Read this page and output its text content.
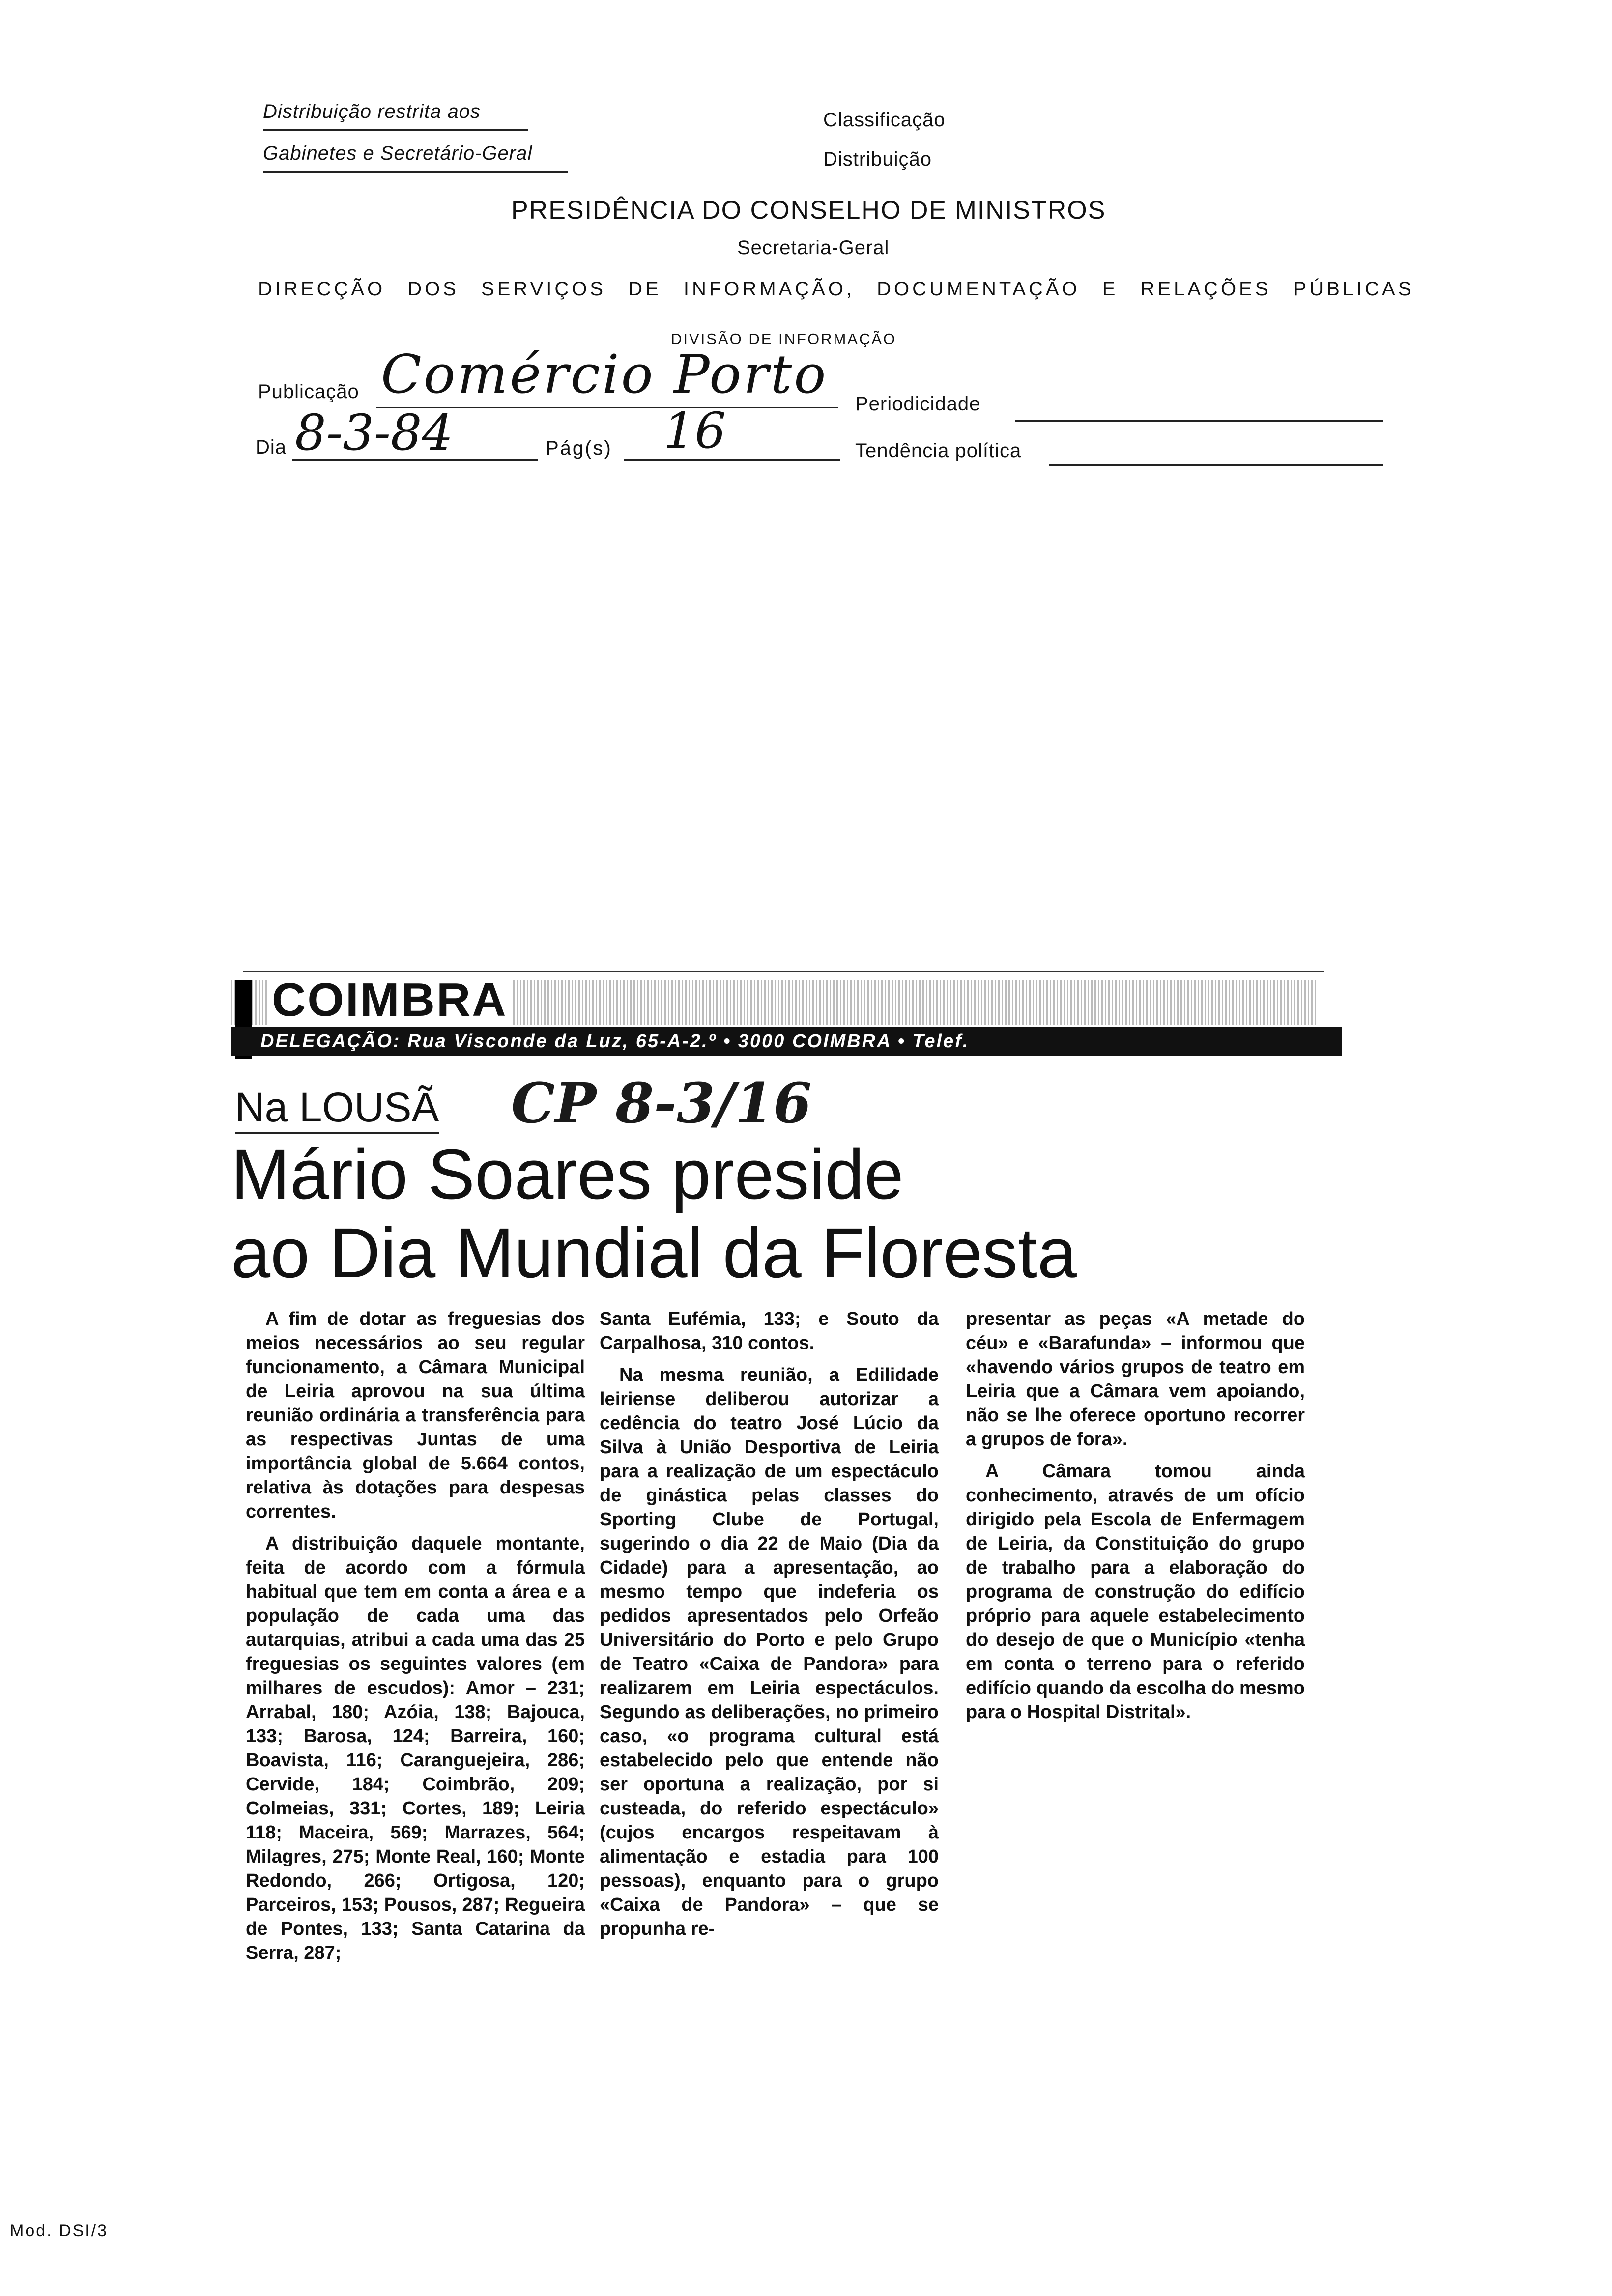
Distribuição restrita aos
Gabinetes e Secretário-Geral
Classificação
Distribuição
PRESIDÊNCIA DO CONSELHO DE MINISTROS
Secretaria-Geral
DIRECÇÃO DOS SERVIÇOS DE INFORMAÇÃO, DOCUMENTAÇÃO E RELAÇÕES PÚBLICAS
DIVISÃO DE INFORMAÇÃO
Publicação Comércio Porto Periodicidade
Dia 8-3-84	Pág(s) 16	Tendência política
COIMBRA
DELEGAÇÃO: Rua Visconde da Luz, 65-A-2.º • 3000 COIMBRA • Telef.
Na LOUSÃ CP 8-3/16
Mário Soares preside
ao Dia Mundial da Floresta

A fim de dotar as freguesias dos meios necessários ao seu regular funcionamento, a Câmara Municipal de Leiria aprovou na sua última reunião ordinária a transferência para as respectivas Juntas de uma importância global de 5.664 contos, relativa às dotações para despesas correntes.

A distribuição daquele montante, feita de acordo com a fórmula habitual que tem em conta a área e a população de cada uma das autarquias, atribui a cada uma das 25 freguesias os seguintes valores (em milhares de escudos): Amor – 231; Arrabal, 180; Azóia, 138; Bajouca, 133; Barosa, 124; Barreira, 160; Boavista, 116; Caranguejeira, 286; Cervide, 184; Coimbrão, 209; Colmeias, 331; Cortes, 189; Leiria 118; Maceira, 569; Marrazes, 564; Milagres, 275; Monte Real, 160; Monte Redondo, 266; Ortigosa, 120; Parceiros, 153; Pousos, 287; Regueira de Pontes, 133; Santa Catarina da Serra, 287;

Santa Eufémia, 133; e Souto da Carpalhosa, 310 contos.

Na mesma reunião, a Edilidade leiriense deliberou autorizar a cedência do teatro José Lúcio da Silva à União Desportiva de Leiria para a realização de um espectáculo de ginástica pelas classes do Sporting Clube de Portugal, sugerindo o dia 22 de Maio (Dia da Cidade) para a apresentação, ao mesmo tempo que indeferia os pedidos apresentados pelo Orfeão Universitário do Porto e pelo Grupo de Teatro «Caixa de Pandora» para realizarem em Leiria espectáculos. Segundo as deliberações, no primeiro caso, «o programa cultural está estabelecido pelo que entende não ser oportuna a realização, por si custeada, do referido espectáculo» (cujos encargos respeitavam à alimentação e estadia para 100 pessoas), enquanto para o grupo «Caixa de Pandora» – que se propunha re-

presentar as peças «A metade do céu» e «Barafunda» – informou que «havendo vários grupos de teatro em Leiria que a Câmara vem apoiando, não se lhe oferece oportuno recorrer a grupos de fora».

A Câmara tomou ainda conhecimento, através de um ofício dirigido pela Escola de Enfermagem de Leiria, da Constituição do grupo de trabalho para a elaboração do programa de construção do edifício próprio para aquele estabelecimento do desejo de que o Município «tenha em conta o terreno para o referido edifício quando da escolha do mesmo para o Hospital Distrital».

Mod. DSI/3
